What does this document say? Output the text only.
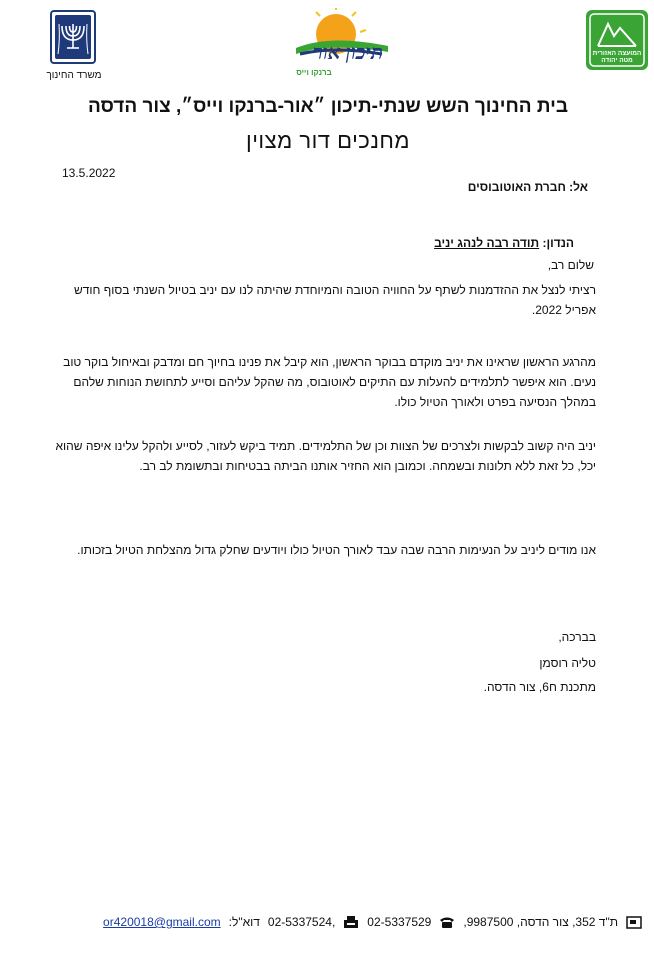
משרד החינוך
תיכון אור
ברנקו וייס
המועצה האזורית מטה יהודה
בית החינוך השש שנתי-תיכון ״אור-ברנקו וייס״, צור הדסה
מחנכים דור מצוין
13.5.2022
אל: חברת האוטובוסים
הנדון: תודה רבה לנהג יניב
שלום רב,
רציתי לנצל את ההזדמנות לשתף על החוויה הטובה והמיוחדת שהיתה לנו עם יניב בטיול השנתי בסוף חודש אפריל 2022.
מהרגע הראשון שראינו את יניב מוקדם בבוקר הראשון, הוא קיבל את פנינו בחיוך חם ומדבק ובאיחול בוקר טוב נעים. הוא איפשר לתלמידים להעלות עם התיקים לאוטובוס, מה שהקל עליהם וסייע לתחושת הנוחות שלהם במהלך הנסיעה בפרט ולאורך הטיול כולו.
יניב היה קשוב לבקשות ולצרכים של הצוות וכן של התלמידים. תמיד ביקש לעזור, לסייע ולהקל עלינו איפה שהוא יכל, כל זאת ללא תלונות ובשמחה. וכמובן הוא החזיר אותנו הביתה בבטיחות ובתשומת לב רב.
אנו מודים ליניב על הנעימות הרבה שבה עבד לאורך הטיול כולו ויודעים שחלק גדול מהצלחת הטיול בזכותו.
בברכה,
טליה רוסמן
מתכנת ח6, צור הדסה.
ת"ד 352, צור הדסה, 9987500,
02-5337529
02-5337524,
דוא"ל:
or420018@gmail.com
